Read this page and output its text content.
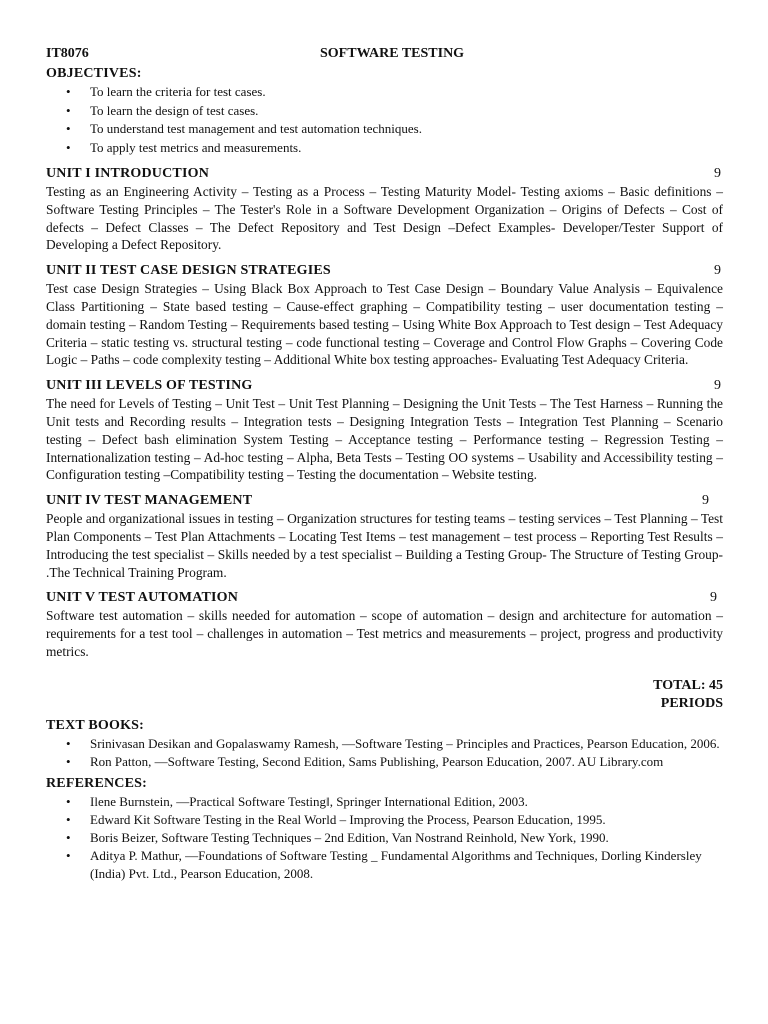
IT8076	SOFTWARE TESTING
OBJECTIVES:
• To learn the criteria for test cases.
• To learn the design of test cases.
• To understand test management and test automation techniques.
• To apply test metrics and measurements.
UNIT I INTRODUCTION	9
Testing as an Engineering Activity – Testing as a Process – Testing Maturity Model- Testing axioms – Basic definitions – Software Testing Principles – The Tester's Role in a Software Development Organization – Origins of Defects – Cost of defects – Defect Classes – The Defect Repository and Test Design –Defect Examples- Developer/Tester Support of Developing a Defect Repository.
UNIT II TEST CASE DESIGN STRATEGIES	9
Test case Design Strategies – Using Black Box Approach to Test Case Design – Boundary Value Analysis – Equivalence Class Partitioning – State based testing – Cause-effect graphing – Compatibility testing – user documentation testing – domain testing – Random Testing – Requirements based testing – Using White Box Approach to Test design – Test Adequacy Criteria – static testing vs. structural testing – code functional testing – Coverage and Control Flow Graphs – Covering Code Logic – Paths – code complexity testing – Additional White box testing approaches- Evaluating Test Adequacy Criteria.
UNIT III LEVELS OF TESTING	9
The need for Levels of Testing – Unit Test – Unit Test Planning – Designing the Unit Tests – The Test Harness – Running the Unit tests and Recording results – Integration tests – Designing Integration Tests – Integration Test Planning – Scenario testing – Defect bash elimination System Testing – Acceptance testing – Performance testing – Regression Testing – Internationalization testing – Ad-hoc testing – Alpha, Beta Tests – Testing OO systems – Usability and Accessibility testing – Configuration testing –Compatibility testing – Testing the documentation – Website testing.
UNIT IV TEST MANAGEMENT	9
People and organizational issues in testing – Organization structures for testing teams – testing services – Test Planning – Test Plan Components – Test Plan Attachments – Locating Test Items – test management – test process – Reporting Test Results – Introducing the test specialist – Skills needed by a test specialist – Building a Testing Group- The Structure of Testing Group- .The Technical Training Program.
UNIT V TEST AUTOMATION	9
Software test automation – skills needed for automation – scope of automation – design and architecture for automation – requirements for a test tool – challenges in automation – Test metrics and measurements – project, progress and productivity metrics.
TOTAL: 45
PERIODS
TEXT BOOKS:
• Srinivasan Desikan and Gopalaswamy Ramesh, ―Software Testing – Principles and Practices, Pearson Education, 2006.
• Ron Patton, ―Software Testing, Second Edition, Sams Publishing, Pearson Education, 2007. AU Library.com
REFERENCES:
• Ilene Burnstein, ―Practical Software Testing‖, Springer International Edition, 2003.
• Edward Kit Software Testing in the Real World – Improving the Process, Pearson Education, 1995.
• Boris Beizer, Software Testing Techniques – 2nd Edition, Van Nostrand Reinhold, New York, 1990.
• Aditya P. Mathur, ―Foundations of Software Testing _ Fundamental Algorithms and Techniques, Dorling Kindersley (India) Pvt. Ltd., Pearson Education, 2008.
